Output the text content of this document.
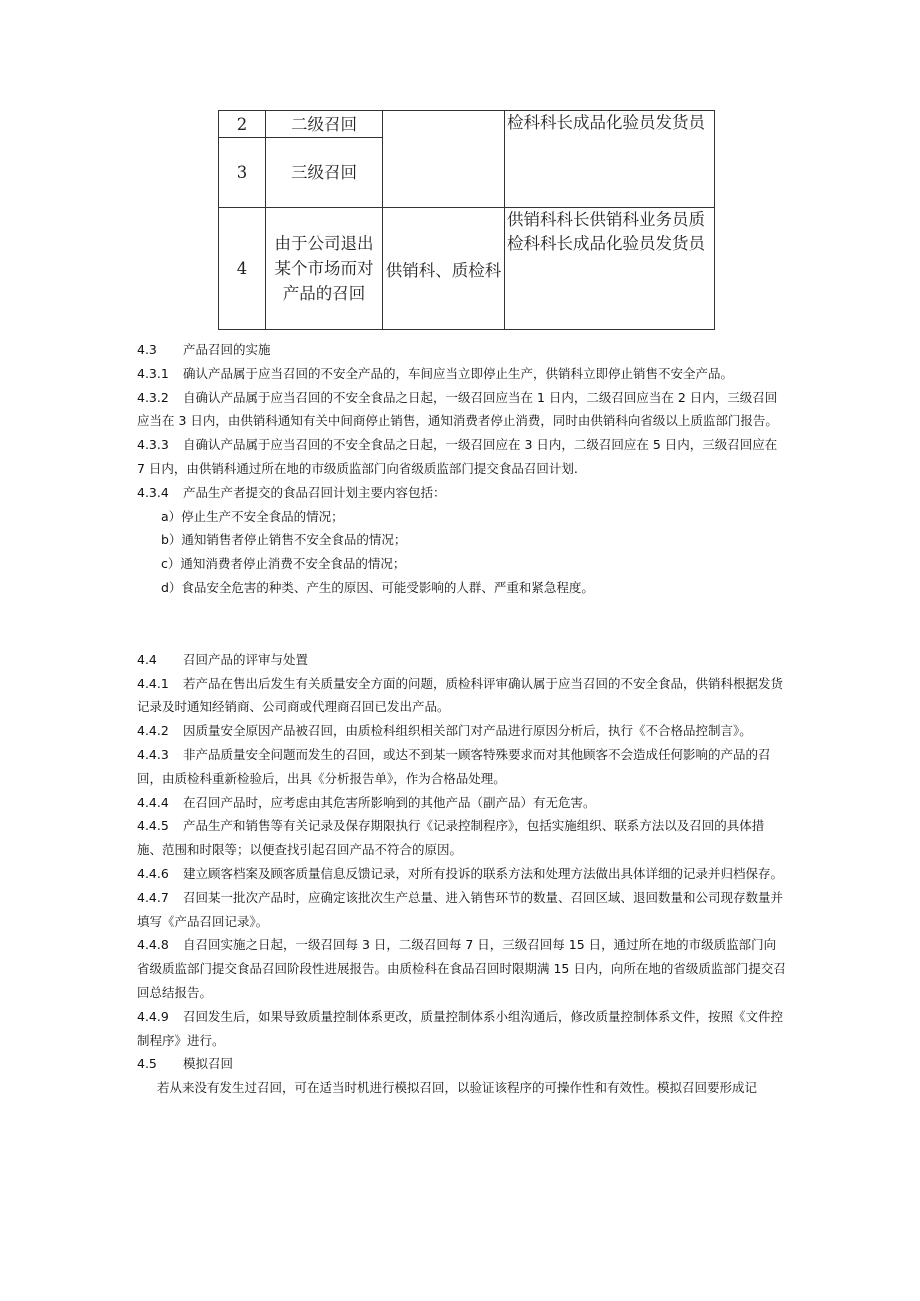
2	二级召回		检科科长成品化验员发货员
3	三级召回		
4	由于公司退出某个市场而对产品的召回	供销科、质检科	供销科科长供销科业务员质检科科长成品化验员发货员

4.3 产品召回的实施

4.3.1 确认产品属于应当召回的不安全产品的，车间应当立即停止生产，供销科立即停止销售不安全产品。

4.3.2 自确认产品属于应当召回的不安全食品之日起，一级召回应当在 1 日内，二级召回应当在 2 日内，三级召回应当在 3 日内，由供销科通知有关中间商停止销售，通知消费者停止消费，同时由供销科向省级以上质监部门报告。

4.3.3 自确认产品属于应当召回的不安全食品之日起，一级召回应在 3 日内，二级召回应在 5 日内，三级召回应在 7 日内，由供销科通过所在地的市级质监部门向省级质监部门提交食品召回计划.

4.3.4 产品生产者提交的食品召回计划主要内容包括：

a）停止生产不安全食品的情况；

b）通知销售者停止销售不安全食品的情况；

c）通知消费者停止消费不安全食品的情况；

d）食品安全危害的种类、产生的原因、可能受影响的人群、严重和紧急程度。

4.4 召回产品的评审与处置

4.4.1 若产品在售出后发生有关质量安全方面的问题，质检科评审确认属于应当召回的不安全食品，供销科根据发货记录及时通知经销商、公司商或代理商召回已发出产品。

4.4.2 因质量安全原因产品被召回，由质检科组织相关部门对产品进行原因分析后，执行《不合格品控制言》。

4.4.3 非产品质量安全问题而发生的召回，或达不到某一顾客特殊要求而对其他顾客不会造成任何影响的产品的召回，由质检科重新检验后，出具《分析报告单》，作为合格品处理。

4.4.4 在召回产品时，应考虑由其危害所影响到的其他产品（副产品）有无危害。

4.4.5 产品生产和销售等有关记录及保存期限执行《记录控制程序》，包括实施组织、联系方法以及召回的具体措施、范围和时限等；以便查找引起召回产品不符合的原因。

4.4.6 建立顾客档案及顾客质量信息反馈记录，对所有投诉的联系方法和处理方法做出具体详细的记录并归档保存。

4.4.7 召回某一批次产品时，应确定该批次生产总量、进入销售环节的数量、召回区域、退回数量和公司现存数量并填写《产品召回记录》。

4.4.8 自召回实施之日起，一级召回每 3 日，二级召回每 7 日，三级召回每 15 日，通过所在地的市级质监部门向省级质监部门提交食品召回阶段性进展报告。由质检科在食品召回时限期满 15 日内，向所在地的省级质监部门提交召回总结报告。

4.4.9 召回发生后，如果导致质量控制体系更改，质量控制体系小组沟通后，修改质量控制体系文件，按照《文件控制程序》进行。

4.5 模拟召回

若从来没有发生过召回，可在适当时机进行模拟召回，以验证该程序的可操作性和有效性。模拟召回要形成记
